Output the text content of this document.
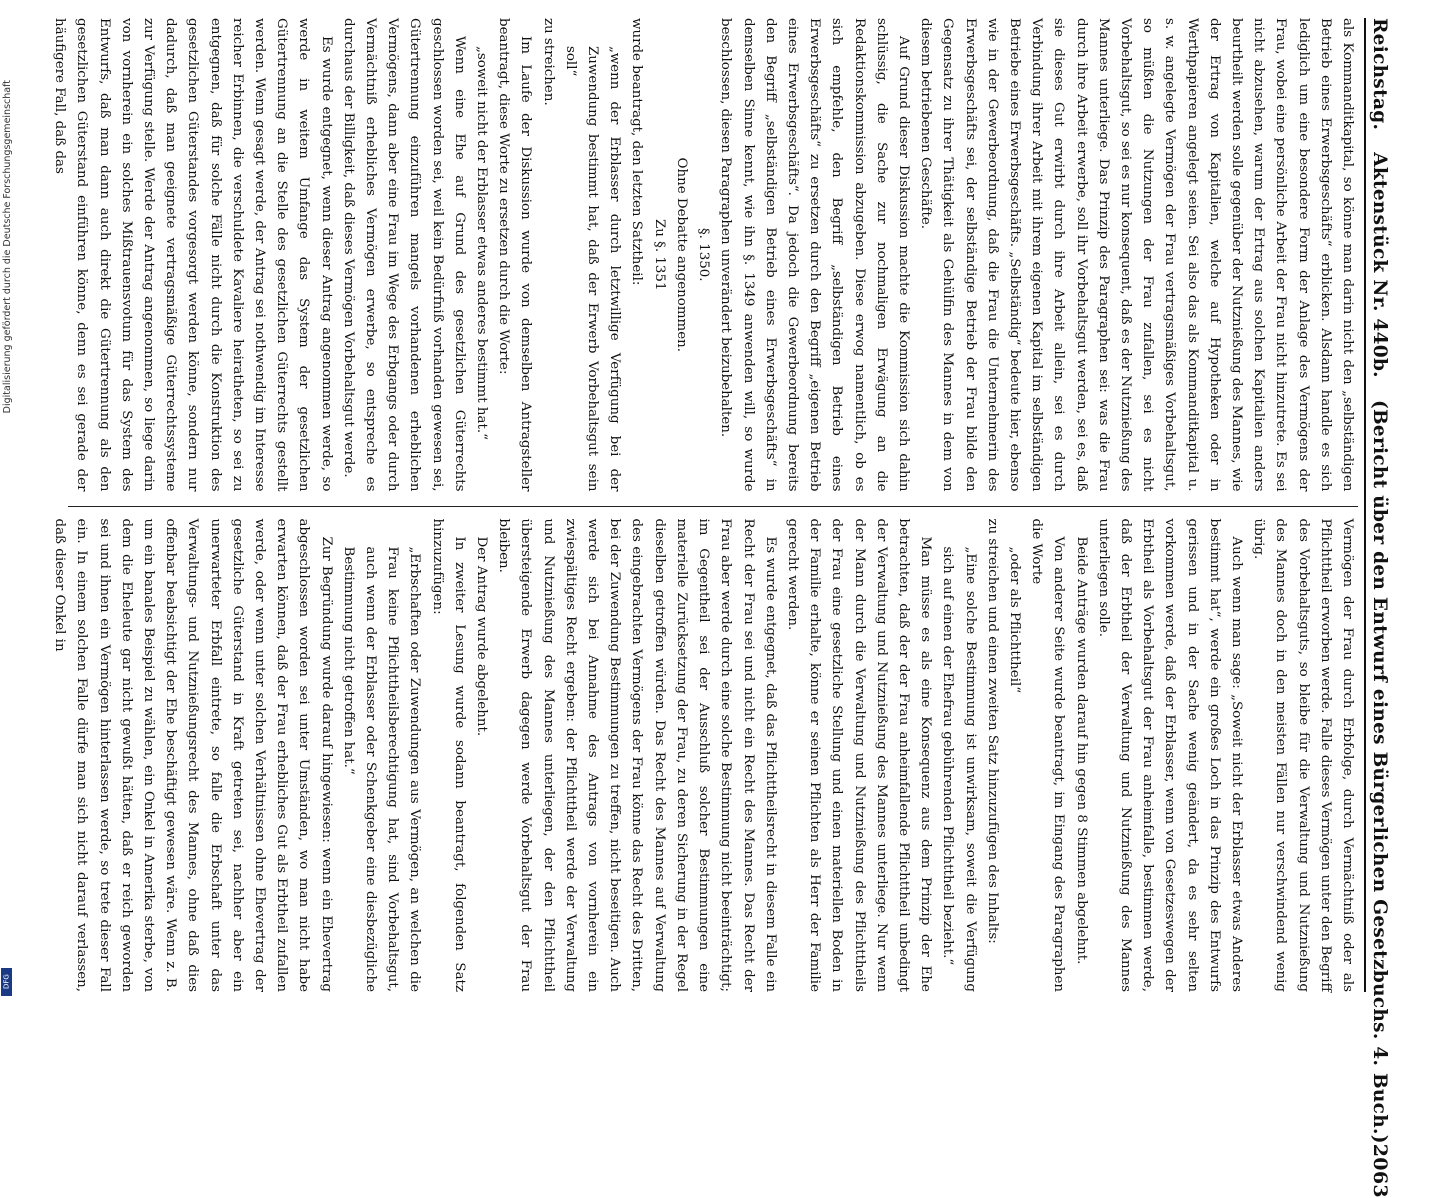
Reichstag.
Aktenstück Nr. 440b.
(Bericht über den Entwurf eines Bürgerlichen Gesetzbuchs. 4. Buch.)
2063

als Kommanditkapital, so könne man darin nicht den „selbständigen Betrieb eines Erwerbsgeschäfts“ erblicken. Alsdann handle es sich lediglich um eine besondere Form der Anlage des Vermögens der Frau, wobei eine persönliche Arbeit der Frau nicht hinzutrete. Es sei nicht abzusehen, warum der Ertrag aus solchen Kapitalien anders beurtheilt werden solle gegenüber der Nutznießung des Mannes, wie der Ertrag von Kapitalien, welche auf Hypotheken oder in Werthpapieren angelegt seien. Sei also das als Kommanditkapital u. s. w. angelegte Vermögen der Frau vertragsmäßiges Vorbehaltsgut, so müßten die Nutzungen der Frau zufallen, sei es nicht Vorbehaltsgut, so sei es nur konsequent, daß es der Nutznießung des Mannes unterliege. Das Prinzip des Paragraphen sei: was die Frau durch ihre Arbeit erwerbe, soll ihr Vorbehaltsgut werden, sei es, daß sie dieses Gut erwirbt durch ihre Arbeit allein, sei es durch Verbindung ihrer Arbeit mit ihrem eigenen Kapital im selbständigen Betriebe eines Erwerbsgeschäfts. „Selbständig“ bedeute hier, ebenso wie in der Gewerbeordnung, daß die Frau die Unternehmerin des Erwerbsgeschäfts sei, der selbständige Betrieb der Frau bilde den Gegensatz zu ihrer Thätigkeit als Gehülfin des Mannes in dem von diesem betriebenen Geschäfte.

Auf Grund dieser Diskussion machte die Kommission sich dahin schlüssig, die Sache zur nochmaligen Erwägung an die Redaktionskommission abzugeben. Diese erwog namentlich, ob es sich empfehle, den Begriff „selbständigen Betrieb eines Erwerbsgeschäfts“ zu ersetzen durch den Begriff „eigenen Betrieb eines Erwerbsgeschäfts“. Da jedoch die Gewerbeordnung bereits den Begriff „selbständigen Betrieb eines Erwerbsgeschäfts“ in demselben Sinne kennt, wie ihn §. 1349 anwenden will, so wurde beschlossen, diesen Paragraphen unverändert beizubehalten.

§. 1350.

Ohne Debatte angenommen.

Zu §. 1351

wurde beantragt, den letzten Satztheil:

„wenn der Erblasser durch letztwillige Verfügung bei der Zuwendung bestimmt hat, daß der Erwerb Vorbehaltsgut sein soll“

zu streichen.

Im Laufe der Diskussion wurde von demselben Antragsteller beantragt, diese Worte zu ersetzen durch die Worte:

„soweit nicht der Erblasser etwas anderes bestimmt hat.“

Wenn eine Ehe auf Grund des gesetzlichen Güterrechts geschlossen worden sei, weil kein Bedürfniß vorhanden gewesen sei, Gütertrennung einzuführen mangels vorhandenen erheblichen Vermögens, dann aber eine Frau im Wege des Erbgangs oder durch Vermächtniß erhebliches Vermögen erwerbe, so entspreche es durchaus der Billigkeit, daß dieses Vermögen Vorbehaltsgut werde.

Es wurde entgegnet, wenn dieser Antrag angenommen werde, so werde in weitem Umfange das System der gesetzlichen Gütertrennung an die Stelle des gesetzlichen Güterrechts gestellt werden. Wenn gesagt werde, der Antrag sei nothwendig im Interesse reicher Erbinnen, die verschuldete Kavaliere heiratheten, so sei zu entgegnen, daß für solche Fälle nicht durch die Konstruktion des gesetzlichen Güterstandes vorgesorgt werden könne, sondern nur dadurch, daß man geeignete vertragsmäßige Güterrechtssysteme zur Verfügung stelle. Werde der Antrag angenommen, so liege darin von vornherein ein solches Mißtrauensvotum für das System des Entwurfs, daß man dann auch direkt die Gütertrennung als den gesetzlichen Güterstand einführen könne, denn es sei gerade der häufigere Fall, daß das

Vermögen der Frau durch Erbfolge, durch Vermächtniß oder als Pflichttheil erworben werde. Falle dieses Vermögen unter den Begriff des Vorbehaltsguts, so bleibe für die Verwaltung und Nutznießung des Mannes doch in den meisten Fällen nur verschwindend wenig übrig.

Auch wenn man sage: „Soweit nicht der Erblasser etwas Anderes bestimmt hat“, werde ein großes Loch in das Prinzip des Entwurfs gerissen und in der Sache wenig geändert, da es sehr selten vorkommen werde, daß der Erblasser, wenn von Gesetzeswegen der Erbtheil als Vorbehaltsgut der Frau anheimfalle, bestimmen werde, daß der Erbtheil der Verwaltung und Nutznießung des Mannes unterliegen solle.

Beide Anträge wurden darauf hin gegen 8 Stimmen abgelehnt.

Von anderer Seite wurde beantragt, im Eingang des Paragraphen die Worte

„oder als Pflichttheil“

zu streichen und einen zweiten Satz hinzuzufügen des Inhalts:

„Eine solche Bestimmung ist unwirksam, soweit die Verfügung sich auf einen der Ehefrau gebührenden Pflichttheil bezieht.“

Man müsse es als eine Konsequenz aus dem Prinzip der Ehe betrachten, daß der der Frau anheimfallende Pflichttheil unbedingt der Verwaltung und Nutznießung des Mannes unterliege. Nur wenn der Mann durch die Verwaltung und Nutznießung des Pflichttheils der Frau eine gesetzliche Stellung und einen materiellen Boden in der Familie erhalte, könne er seinen Pflichten als Herr der Familie gerecht werden.

Es wurde entgegnet, daß das Pflichttheilsrecht in diesem Falle ein Recht der Frau sei und nicht ein Recht des Mannes. Das Recht der Frau aber werde durch eine solche Bestimmung nicht beeinträchtigt; im Gegentheil sei der Ausschluß solcher Bestimmungen eine materielle Zurücksetzung der Frau, zu deren Sicherung in der Regel dieselben getroffen würden. Das Recht des Mannes auf Verwaltung des eingebrachten Vermögens der Frau könne das Recht des Dritten, bei der Zuwendung Bestimmungen zu treffen, nicht beseitigen. Auch werde sich bei Annahme des Antrags von vornherein ein zwiespältiges Recht ergeben: der Pflichttheil werde der Verwaltung und Nutznießung des Mannes unterliegen, der den Pflichttheil übersteigende Erwerb dagegen werde Vorbehaltsgut der Frau bleiben.

Der Antrag wurde abgelehnt.

In zweiter Lesung wurde sodann beantragt, folgenden Satz hinzuzufügen:

„Erbschaften oder Zuwendungen aus Vermögen, an welchen die Frau keine Pflichttheilsberechtigung hat, sind Vorbehaltsgut, auch wenn der Erblasser oder Schenkgeber eine diesbezügliche Bestimmung nicht getroffen hat.“

Zur Begründung wurde darauf hingewiesen: wenn ein Ehevertrag abgeschlossen worden sei unter Umständen, wo man nicht habe erwarten können, daß der Frau erhebliches Gut als Erbtheil zufallen werde, oder wenn unter solchen Verhältnissen ohne Ehevertrag der gesetzliche Güterstand in Kraft getreten sei, nachher aber ein unerwarteter Erbfall eintrete, so falle die Erbschaft unter das Verwaltungs- und Nutznießungsrecht des Mannes, ohne daß dies offenbar beabsichtigt der Ehe beschäftigt gewesen wäre. Wenn z. B. um ein banales Beispiel zu wählen, ein Onkel in Amerika sterbe, von dem die Eheleute gar nicht gewußt hätten, daß er reich geworden sei und ihnen ein Vermögen hinterlassen werde, so trete dieser Fall ein. In einem solchen Falle dürfe man sich nicht darauf verlassen, daß dieser Onkel in

Digitalisierung gefördert durch die Deutsche Forschungsgemeinschaft
DFG
